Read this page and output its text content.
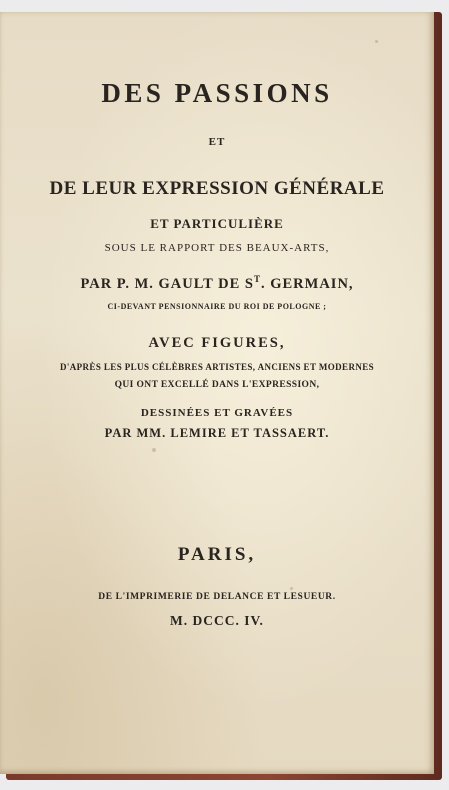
DES PASSIONS
ET
DE LEUR EXPRESSION GÉNÉRALE
ET PARTICULIÈRE
SOUS LE RAPPORT DES BEAUX-ARTS,
PAR P. M. GAULT DE $S^T$. GERMAIN,
CI-DEVANT PENSIONNAIRE DU ROI DE POLOGNE ;
AVEC FIGURES,
D'APRÈS LES PLUS CÉLÈBRES ARTISTES, ANCIENS ET MODERNES
QUI ONT EXCELLÉ DANS L'EXPRESSION,
DESSINÉES ET GRAVÉES
PAR MM. LEMIRE ET TASSAERT.
PARIS,
DE L'IMPRIMERIE DE DELANCE ET LESUEUR.
M. DCCC. IV.
